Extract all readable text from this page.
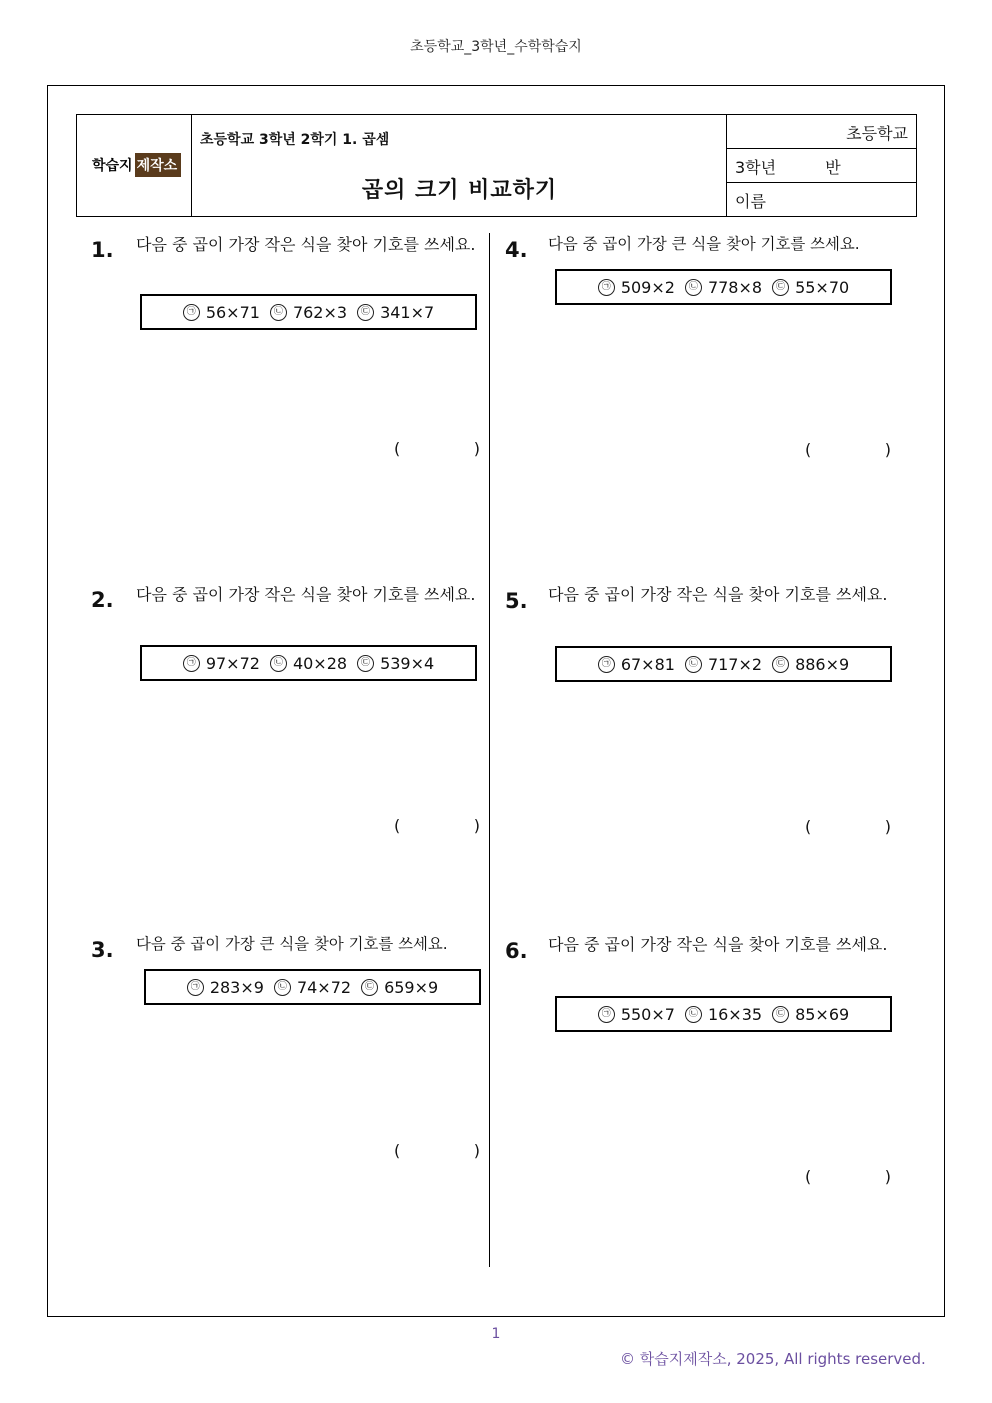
초등학교_3학년_수학학습지
학습지 제작소
초등학교 3학년 2학기 1. 곱셈
곱의 크기 비교하기
초등학교
3학년	반
이름
1. 다음 중 곱이 가장 작은 식을 찾아 기호를 쓰세요.
㉠ 56×71	㉡ 762×3	㉢ 341×7
(	)
2. 다음 중 곱이 가장 작은 식을 찾아 기호를 쓰세요.
㉠ 97×72	㉡ 40×28	㉢ 539×4
(	)
3. 다음 중 곱이 가장 큰 식을 찾아 기호를 쓰세요.
㉠ 283×9	㉡ 74×72	㉢ 659×9
(	)
4. 다음 중 곱이 가장 큰 식을 찾아 기호를 쓰세요.
㉠ 509×2	㉡ 778×8	㉢ 55×70
(	)
5. 다음 중 곱이 가장 작은 식을 찾아 기호를 쓰세요.
㉠ 67×81	㉡ 717×2	㉢ 886×9
(	)
6. 다음 중 곱이 가장 작은 식을 찾아 기호를 쓰세요.
㉠ 550×7	㉡ 16×35	㉢ 85×69
(	)
1
© 학습지제작소, 2025, All rights reserved.
